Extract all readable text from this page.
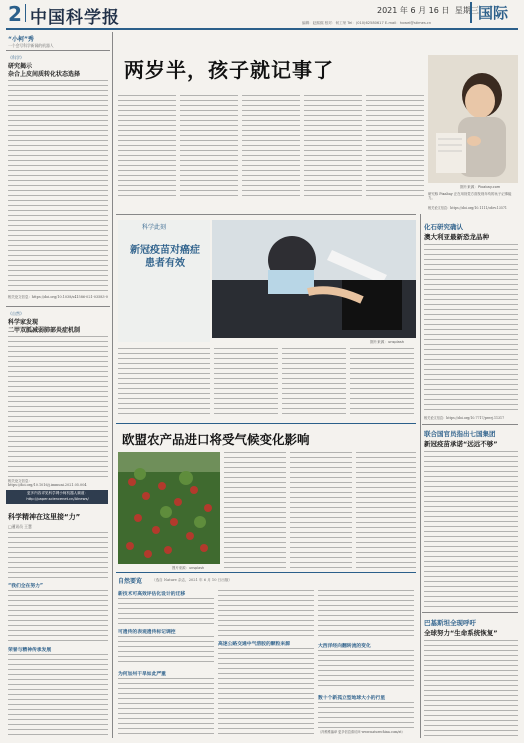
2 中国科学报	2021 年 6 月 16 日 星期三 国际
编辑：赵熙熙 校对：何工荣 Tel：(010)62580617 E-mail：hxwei@stimes.cn
“小柯”秀
一个会写科学新闻的机器人
《科学》
研究揭示
杂合上皮间质转化状态选择
相关论文信息：https://doi.org/10.1038/s41586-021-03583-0
《自然》
科学家发现
二甲双胍减弱肺部炎症机制
相关论文信息：https://doi.org/10.1016/j.immuni.2021.05.004
更多内容详见科学网小柯机器人频道：http://paper.sciencenet.cn/AInews/
科学精神在这里接“力”
□通讯员 王慧
“我们全在努力”
荣誉与精神传承发展
两岁半，孩子就记事了
图片来源：Pixabay.com
研究称 Pixabay 正在用视觉方面发现年幼的孩子记事能力。
相关论文信息：https://doi.org/10.1111/cdev.13571
科学此刻
新冠疫苗对癌症患者有效
图片来源：unsplash
欧盟农产品进口将受气候变化影响
图片来源：unsplash
自然要览	（选自 Nature 杂志，2021 年 6 月 10 日出版）
新技术可高效评估化设计的迁移
可遗传的表观遗传标记调控
为何加州干旱如此严重
高速公路交通中气溶胶的颗粒来源	大西洋经向翻转流的变化
数十个新孤立型地球大小的行星
（冯维维编译 更多信息请访问 www.naturechina.com/st）
化石研究确认
澳大利亚最新恐龙品种
相关论文信息：https://doi.org/10.7717/peerj.11317
联合国官员指出七国集团
新冠疫苗承诺“远远不够”
巴基斯坦全现呼吁
全球努力“生命系统恢复”
